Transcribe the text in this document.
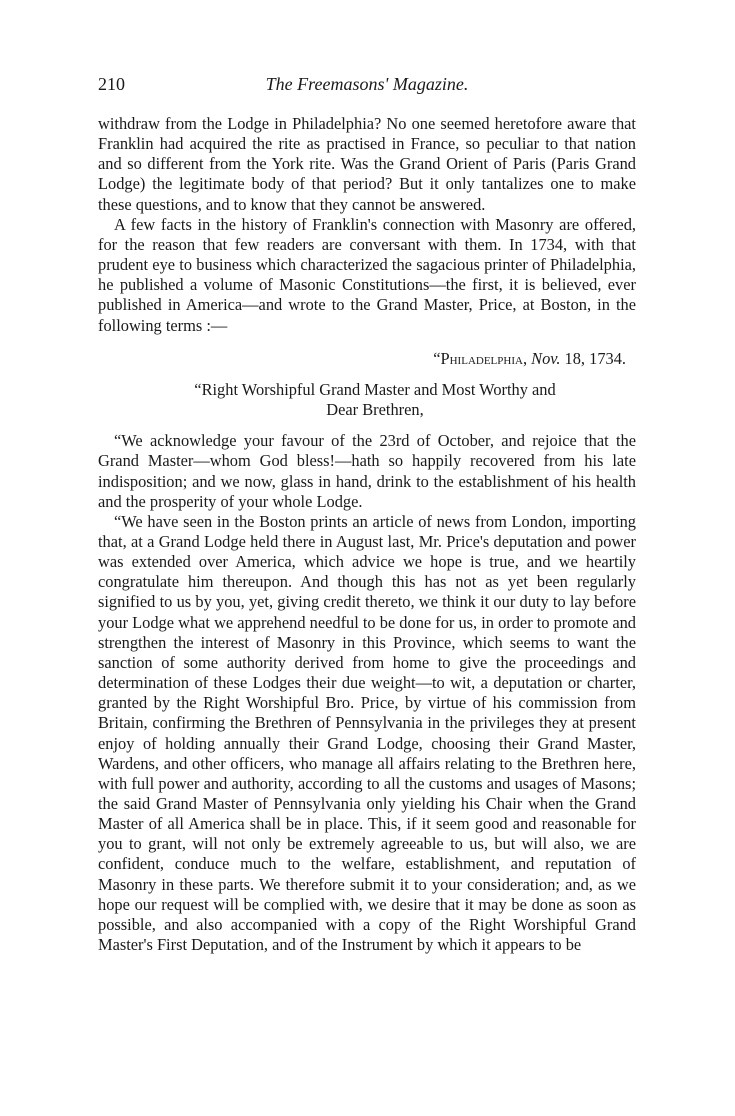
210	The Freemasons' Magazine.

withdraw from the Lodge in Philadelphia? No one seemed heretofore aware that Franklin had acquired the rite as practised in France, so peculiar to that nation and so different from the York rite. Was the Grand Orient of Paris (Paris Grand Lodge) the legitimate body of that period? But it only tantalizes one to make these questions, and to know that they cannot be answered.

A few facts in the history of Franklin's connection with Masonry are offered, for the reason that few readers are conversant with them. In 1734, with that prudent eye to business which characterized the sagacious printer of Philadelphia, he published a volume of Masonic Constitutions—the first, it is believed, ever published in America—and wrote to the Grand Master, Price, at Boston, in the following terms :—

“Philadelphia, Nov. 18, 1734.

“Right Worshipful Grand Master and Most Worthy and
Dear Brethren,

“We acknowledge your favour of the 23rd of October, and rejoice that the Grand Master—whom God bless!—hath so happily recovered from his late indisposition; and we now, glass in hand, drink to the establishment of his health and the prosperity of your whole Lodge.

“We have seen in the Boston prints an article of news from London, importing that, at a Grand Lodge held there in August last, Mr. Price's deputation and power was extended over America, which advice we hope is true, and we heartily congratulate him thereupon. And though this has not as yet been regularly signified to us by you, yet, giving credit thereto, we think it our duty to lay before your Lodge what we apprehend needful to be done for us, in order to promote and strengthen the interest of Masonry in this Province, which seems to want the sanction of some authority derived from home to give the proceedings and determination of these Lodges their due weight—to wit, a deputation or charter, granted by the Right Worshipful Bro. Price, by virtue of his commission from Britain, confirming the Brethren of Pennsylvania in the privileges they at present enjoy of holding annually their Grand Lodge, choosing their Grand Master, Wardens, and other officers, who manage all affairs relating to the Brethren here, with full power and authority, according to all the customs and usages of Masons; the said Grand Master of Pennsylvania only yielding his Chair when the Grand Master of all America shall be in place. This, if it seem good and reasonable for you to grant, will not only be extremely agreeable to us, but will also, we are confident, conduce much to the welfare, establishment, and reputation of Masonry in these parts. We therefore submit it to your consideration; and, as we hope our request will be complied with, we desire that it may be done as soon as possible, and also accompanied with a copy of the Right Worshipful Grand Master's First Deputation, and of the Instrument by which it appears to be
